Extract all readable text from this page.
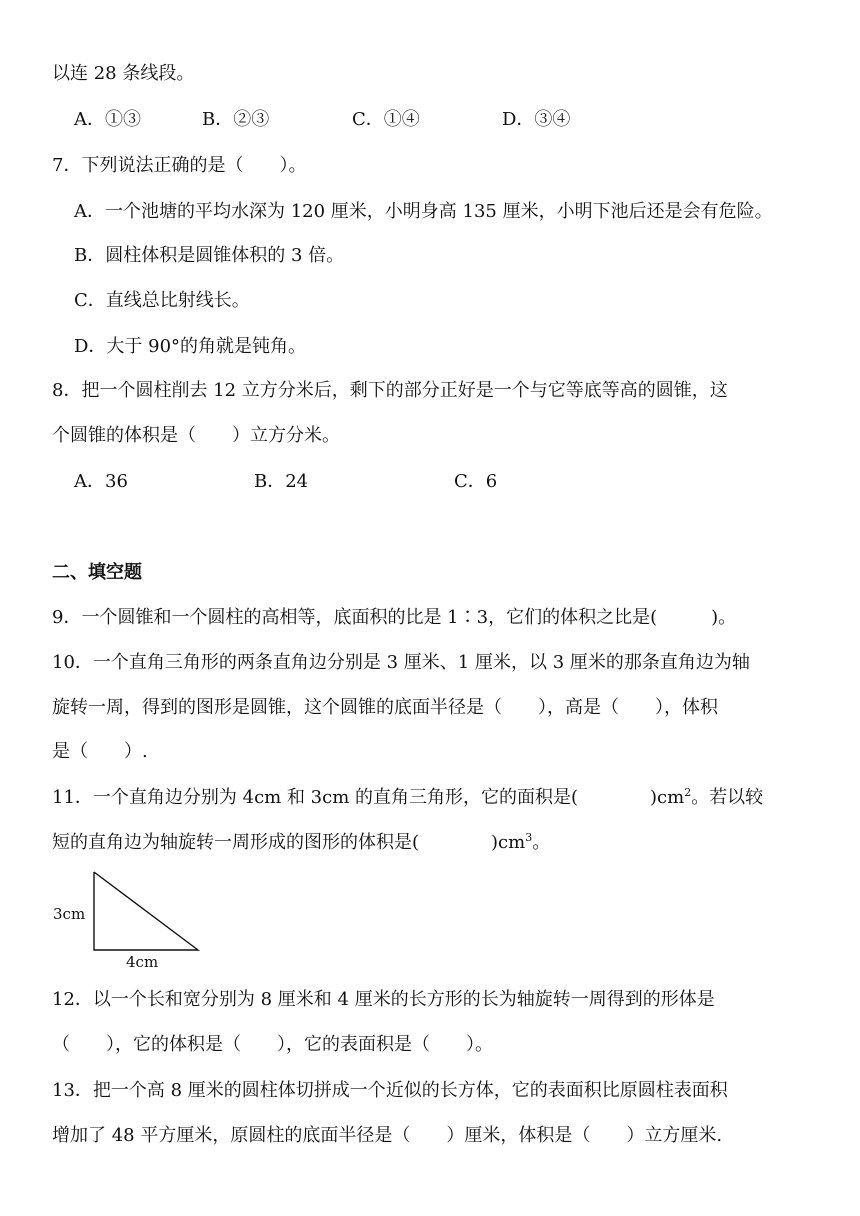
以连 28 条线段。
A．①③	B．②③	C．①④	D．③④
7．下列说法正确的是（　　）。
A．一个池塘的平均水深为 120 厘米，小明身高 135 厘米，小明下池后还是会有危险。
B．圆柱体积是圆锥体积的 3 倍。
C．直线总比射线长。
D．大于 90°的角就是钝角。
8．把一个圆柱削去 12 立方分米后，剩下的部分正好是一个与它等底等高的圆锥，这
个圆锥的体积是（　　）立方分米。
A．36	B．24	C．6
二、填空题
9．一个圆锥和一个圆柱的高相等，底面积的比是 1∶3，它们的体积之比是(　　　)。
10．一个直角三角形的两条直角边分别是 3 厘米、1 厘米，以 3 厘米的那条直角边为轴
旋转一周，得到的图形是圆锥，这个圆锥的底面半径是（　　），高是（　　），体积
是（　　）.
11．一个直角边分别为 4cm 和 3cm 的直角三角形，它的面积是(　　　　)$cm^2$。若以较
短的直角边为轴旋转一周形成的图形的体积是(　　　　)$cm^3$。
3cm
4cm
12．以一个长和宽分别为 8 厘米和 4 厘米的长方形的长为轴旋转一周得到的形体是
（　　），它的体积是（　　），它的表面积是（　　）。
13．把一个高 8 厘米的圆柱体切拼成一个近似的长方体，它的表面积比原圆柱表面积
增加了 48 平方厘米，原圆柱的底面半径是（　　）厘米，体积是（　　）立方厘米.
